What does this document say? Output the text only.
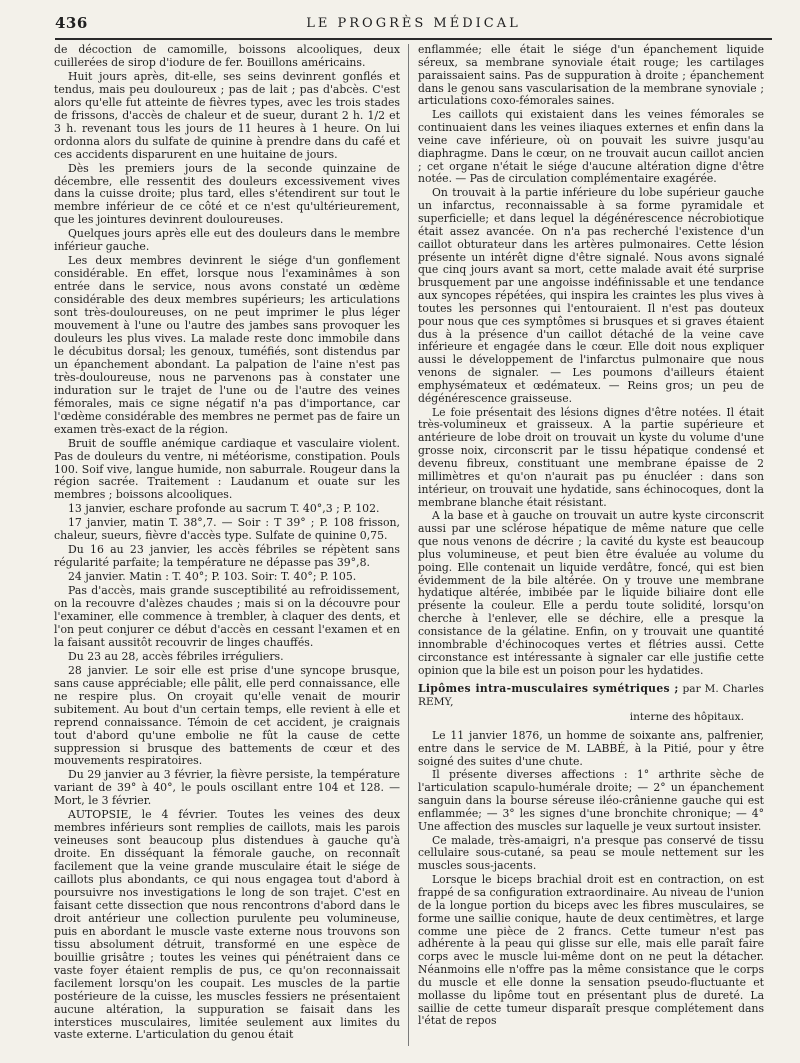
436	LE PROGRÈS MÉDICAL

de décoction de camomille, boissons alcooliques, deux cuillerées de sirop d'iodure de fer. Bouillons américains.

Huit jours après, dit-elle, ses seins devinrent gonflés et tendus, mais peu douloureux ; pas de lait ; pas d'abcès. C'est alors qu'elle fut atteinte de fièvres types, avec les trois stades de frissons, d'accès de chaleur et de sueur, durant 2 h. 1/2 et 3 h. revenant tous les jours de 11 heures à 1 heure. On lui ordonna alors du sulfate de quinine à prendre dans du café et ces accidents disparurent en une huitaine de jours.

Dès les premiers jours de la seconde quinzaine de décembre, elle ressentit des douleurs excessivement vives dans la cuisse droite; plus tard, elles s'étendirent sur tout le membre inférieur de ce côté et ce n'est qu'ultérieurement, que les jointures devinrent douloureuses.

Quelques jours après elle eut des douleurs dans le membre inférieur gauche.

Les deux membres devinrent le siége d'un gonflement considérable. En effet, lorsque nous l'examinâmes à son entrée dans le service, nous avons constaté un œdème considérable des deux membres supérieurs; les articulations sont très-douloureuses, on ne peut imprimer le plus léger mouvement à l'une ou l'autre des jambes sans provoquer les douleurs les plus vives. La malade reste donc immobile dans le décubitus dorsal; les genoux, tuméfiés, sont distendus par un épanchement abondant. La palpation de l'aine n'est pas très-douloureuse, nous ne parvenons pas à constater une induration sur le trajet de l'une ou de l'autre des veines fémorales, mais ce signe négatif n'a pas d'importance, car l'œdème considérable des membres ne permet pas de faire un examen très-exact de la région.

Bruit de souffle anémique cardiaque et vasculaire violent. Pas de douleurs du ventre, ni météorisme, constipation. Pouls 100. Soif vive, langue humide, non saburrale. Rougeur dans la région sacrée. Traitement : Laudanum et ouate sur les membres ; boissons alcooliques.

13 janvier, eschare profonde au sacrum T. 40°,3 ; P. 102.

17 janvier, matin T. 38°,7. — Soir : T 39° ; P. 108 frisson, chaleur, sueurs, fièvre d'accès type. Sulfate de quinine 0,75.

Du 16 au 23 janvier, les accès fébriles se répètent sans régularité parfaite; la température ne dépasse pas 39°,8.

24 janvier. Matin : T. 40°; P. 103. Soir: T. 40°; P. 105.

Pas d'accès, mais grande susceptibilité au refroidissement, on la recouvre d'alèzes chaudes ; mais si on la découvre pour l'examiner, elle commence à trembler, à claquer des dents, et l'on peut conjurer ce début d'accès en cessant l'examen et en la faisant aussitôt recouvrir de linges chauffés.

Du 23 au 28, accès fébriles irréguliers.

28 janvier. Le soir elle est prise d'une syncope brusque, sans cause appréciable; elle pâlit, elle perd connaissance, elle ne respire plus. On croyait qu'elle venait de mourir subitement. Au bout d'un certain temps, elle revient à elle et reprend connaissance. Témoin de cet accident, je craignais tout d'abord qu'une embolie ne fût la cause de cette suppression si brusque des battements de cœur et des mouvements respiratoires.

Du 29 janvier au 3 février, la fièvre persiste, la température variant de 39° à 40°, le pouls oscillant entre 104 et 128. — Mort, le 3 février.

AUTOPSIE, le 4 février. Toutes les veines des deux membres inférieurs sont remplies de caillots, mais les parois veineuses sont beaucoup plus distendues à gauche qu'à droite. En disséquant la fémorale gauche, on reconnaît facilement que la veine grande musculaire était le siége de caillots plus abondants, ce qui nous engagea tout d'abord à poursuivre nos investigations le long de son trajet. C'est en faisant cette dissection que nous rencontrons d'abord dans le droit antérieur une collection purulente peu volumineuse, puis en abordant le muscle vaste externe nous trouvons son tissu absolument détruit, transformé en une espèce de bouillie grisâtre ; toutes les veines qui pénétraient dans ce vaste foyer étaient remplis de pus, ce qu'on reconnaissait facilement lorsqu'on les coupait. Les muscles de la partie postérieure de la cuisse, les muscles fessiers ne présentaient aucune altération, la suppuration se faisait dans les interstices musculaires, limitée seulement aux limites du vaste externe. L'articulation du genou était

enflammée; elle était le siége d'un épanchement liquide séreux, sa membrane synoviale était rouge; les cartilages paraissaient sains. Pas de suppuration à droite ; épanchement dans le genou sans vascularisation de la membrane synoviale ; articulations coxo-fémorales saines.

Les caillots qui existaient dans les veines fémorales se continuaient dans les veines iliaques externes et enfin dans la veine cave inférieure, où on pouvait les suivre jusqu'au diaphragme. Dans le cœur, on ne trouvait aucun caillot ancien ; cet organe n'était le siége d'aucune altération digne d'être notée. — Pas de circulation complémentaire exagérée.

On trouvait à la partie inférieure du lobe supérieur gauche un infarctus, reconnaissable à sa forme pyramidale et superficielle; et dans lequel la dégénérescence nécrobiotique était assez avancée. On n'a pas recherché l'existence d'un caillot obturateur dans les artères pulmonaires. Cette lésion présente un intérêt digne d'être signalé. Nous avons signalé que cinq jours avant sa mort, cette malade avait été surprise brusquement par une angoisse indéfinissable et une tendance aux syncopes répétées, qui inspira les craintes les plus vives à toutes les personnes qui l'entouraient. Il n'est pas douteux pour nous que ces symptômes si brusques et si graves étaient dus à la présence d'un caillot détaché de la veine cave inférieure et engagée dans le cœur. Elle doit nous expliquer aussi le développement de l'infarctus pulmonaire que nous venons de signaler. — Les poumons d'ailleurs étaient emphysémateux et œdémateux. — Reins gros; un peu de dégénérescence graisseuse.

Le foie présentait des lésions dignes d'être notées. Il était très-volumineux et graisseux. A la partie supérieure et antérieure de lobe droit on trouvait un kyste du volume d'une grosse noix, circonscrit par le tissu hépatique condensé et devenu fibreux, constituant une membrane épaisse de 2 millimètres et qu'on n'aurait pas pu énucléer : dans son intérieur, on trouvait une hydatide, sans échinocoques, dont la membrane blanche était résistant.

A la base et à gauche on trouvait un autre kyste circonscrit aussi par une sclérose hépatique de même nature que celle que nous venons de décrire ; la cavité du kyste est beaucoup plus volumineuse, et peut bien être évaluée au volume du poing. Elle contenait un liquide verdâtre, foncé, qui est bien évidemment de la bile altérée. On y trouve une membrane hydatique altérée, imbibée par le liquide biliaire dont elle présente la couleur. Elle a perdu toute solidité, lorsqu'on cherche à l'enlever, elle se déchire, elle a presque la consistance de la gélatine. Enfin, on y trouvait une quantité innombrable d'échinocoques vertes et flétries aussi. Cette circonstance est intéressante à signaler car elle justifie cette opinion que la bile est un poison pour les hydatides.

Lipômes intra-musculaires symétriques ; par M. Charles REMY,

interne des hôpitaux.

Le 11 janvier 1876, un homme de soixante ans, palfrenier, entre dans le service de M. LABBÉ, à la Pitié, pour y être soigné des suites d'une chute.

Il présente diverses affections : 1° arthrite sèche de l'articulation scapulo-humérale droite; — 2° un épanchement sanguin dans la bourse séreuse iléo-crânienne gauche qui est enflammée; — 3° les signes d'une bronchite chronique; — 4° Une affection des muscles sur laquelle je veux surtout insister.

Ce malade, très-amaigri, n'a presque pas conservé de tissu cellulaire sous-cutané, sa peau se moule nettement sur les muscles sous-jacents.

Lorsque le biceps brachial droit est en contraction, on est frappé de sa configuration extraordinaire. Au niveau de l'union de la longue portion du biceps avec les fibres musculaires, se forme une saillie conique, haute de deux centimètres, et large comme une pièce de 2 francs. Cette tumeur n'est pas adhérente à la peau qui glisse sur elle, mais elle paraît faire corps avec le muscle lui-même dont on ne peut la détacher. Néanmoins elle n'offre pas la même consistance que le corps du muscle et elle donne la sensation pseudo-fluctuante et mollasse du lipôme tout en présentant plus de dureté. La saillie de cette tumeur disparaît presque complétement dans l'état de repos
